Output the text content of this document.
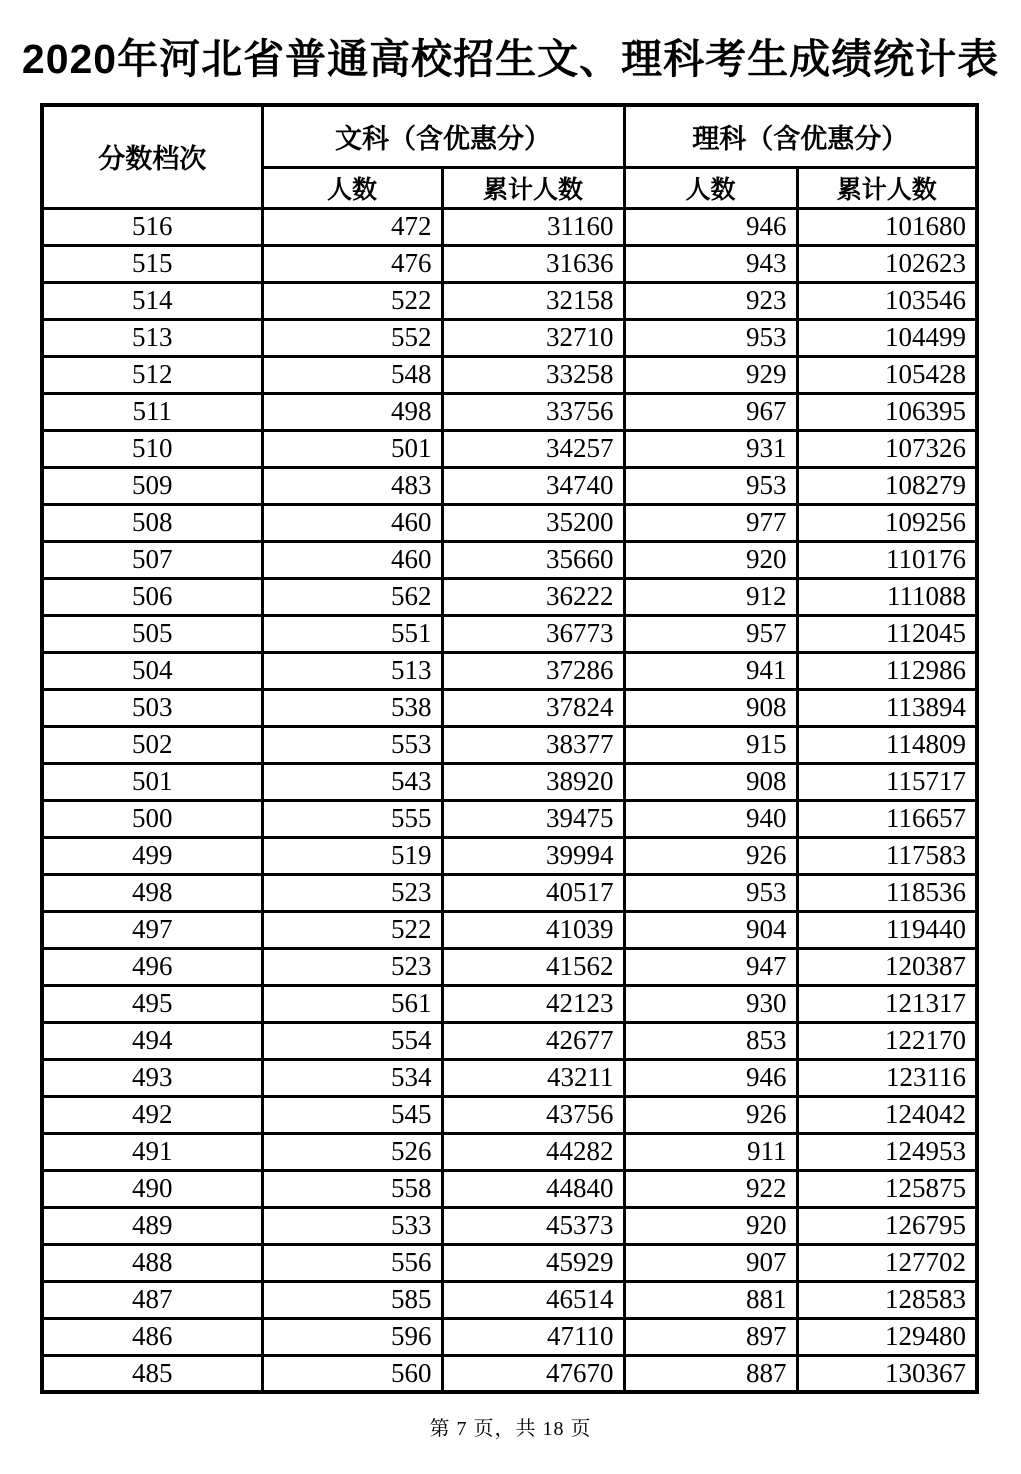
2020年河北省普通高校招生文、理科考生成绩统计表
分数档次	文科（含优惠分）		理科（含优惠分）	
	人数	累计人数	人数	累计人数
516	472	31160	946	101680
515	476	31636	943	102623
514	522	32158	923	103546
513	552	32710	953	104499
512	548	33258	929	105428
511	498	33756	967	106395
510	501	34257	931	107326
509	483	34740	953	108279
508	460	35200	977	109256
507	460	35660	920	110176
506	562	36222	912	111088
505	551	36773	957	112045
504	513	37286	941	112986
503	538	37824	908	113894
502	553	38377	915	114809
501	543	38920	908	115717
500	555	39475	940	116657
499	519	39994	926	117583
498	523	40517	953	118536
497	522	41039	904	119440
496	523	41562	947	120387
495	561	42123	930	121317
494	554	42677	853	122170
493	534	43211	946	123116
492	545	43756	926	124042
491	526	44282	911	124953
490	558	44840	922	125875
489	533	45373	920	126795
488	556	45929	907	127702
487	585	46514	881	128583
486	596	47110	897	129480
485	560	47670	887	130367
第 7 页，共 18 页
